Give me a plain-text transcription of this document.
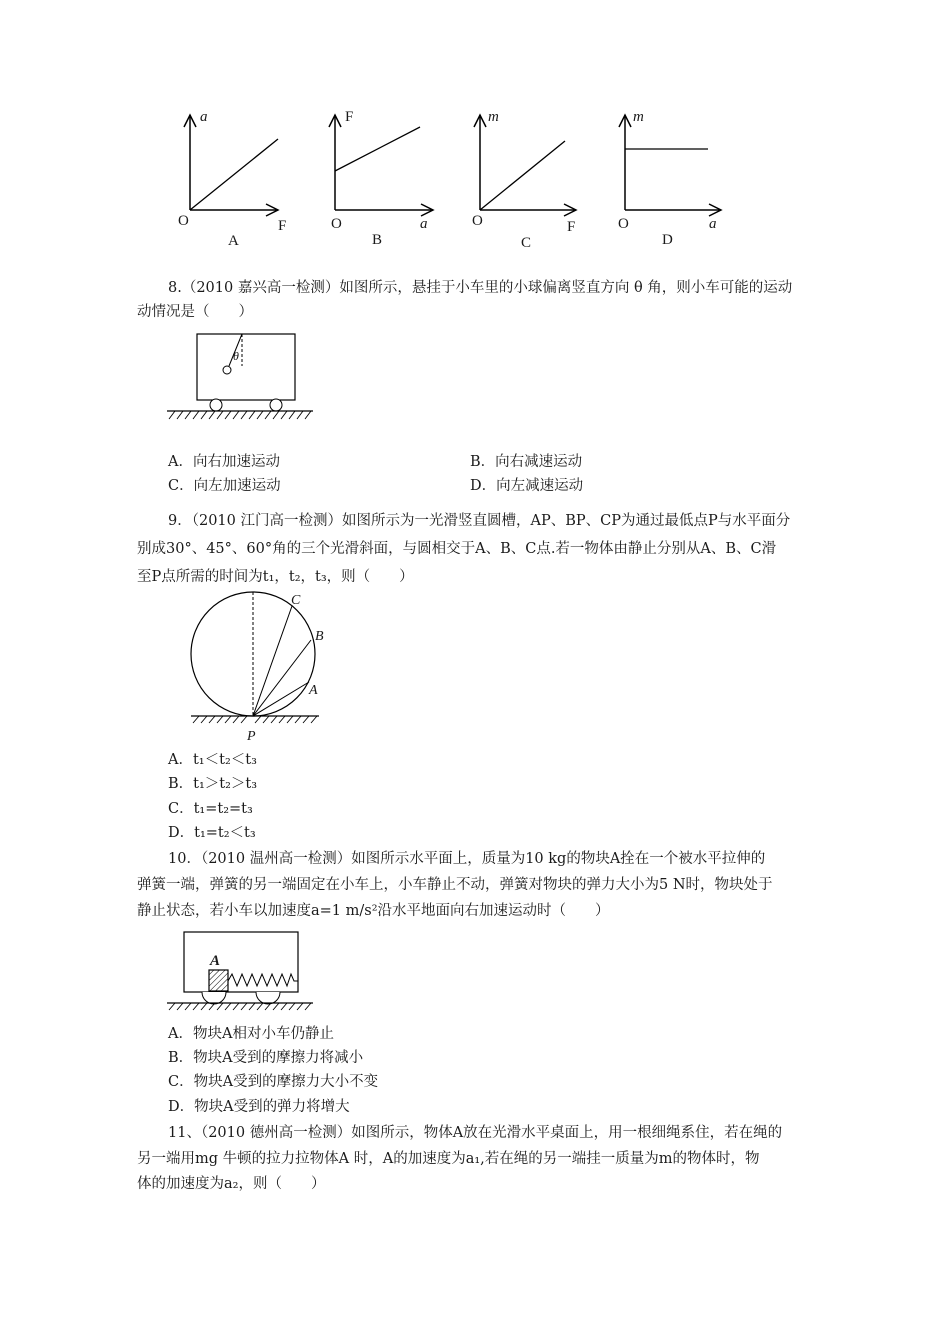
a
O	F
A
F
O	a
B
m
O	F
C
m
O	a
D
8.（2010 嘉兴高一检测）如图所示，悬挂于小车里的小球偏离竖直方向 θ 角，则小车可能的运动
动情况是（　　）
θ
A．向右加速运动	B．向右减速运动
C．向左加速运动	D．向左减速运动
9．（2010 江门高一检测）如图所示为一光滑竖直圆槽，AP、BP、CP为通过最低点P与水平面分
别成30°、45°、60°角的三个光滑斜面，与圆相交于A、B、C点.若一物体由静止分别从A、B、C滑
至P点所需的时间为t₁，t₂，t₃，则（　　）
C
B
A
P
A．t₁＜t₂＜t₃
B．t₁＞t₂＞t₃
C．t₁=t₂=t₃
D．t₁=t₂＜t₃
10．（2010 温州高一检测）如图所示水平面上，质量为10 kg的物块A拴在一个被水平拉伸的
弹簧一端，弹簧的另一端固定在小车上，小车静止不动，弹簧对物块的弹力大小为5 N时，物块处于
静止状态，若小车以加速度a=1 m/s²沿水平地面向右加速运动时（　　）
A
A．物块A相对小车仍静止
B．物块A受到的摩擦力将减小
C．物块A受到的摩擦力大小不变
D．物块A受到的弹力将增大
11、（2010 德州高一检测）如图所示，物体A放在光滑水平桌面上，用一根细绳系住，若在绳的
另一端用mg 牛顿的拉力拉物体A 时，A的加速度为a₁,若在绳的另一端挂一质量为m的物体时，物
体的加速度为a₂，则（　　）
